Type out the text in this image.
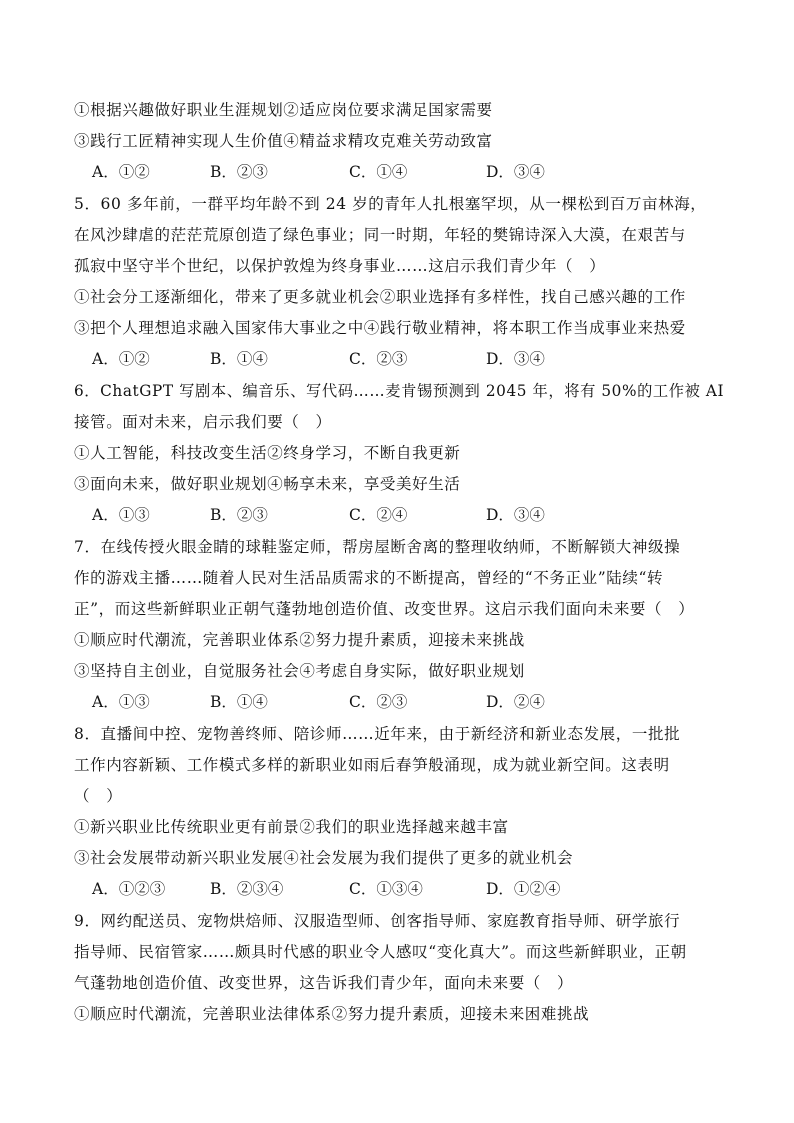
①根据兴趣做好职业生涯规划②适应岗位要求满足国家需要
③践行工匠精神实现人生价值④精益求精攻克难关劳动致富
A．①②	B．②③	C．①④	D．③④
5．60 多年前，一群平均年龄不到 24 岁的青年人扎根塞罕坝，从一棵松到百万亩林海，
在风沙肆虐的茫茫荒原创造了绿色事业；同一时期，年轻的樊锦诗深入大漠，在艰苦与
孤寂中坚守半个世纪，以保护敦煌为终身事业……这启示我们青少年（　）
①社会分工逐渐细化，带来了更多就业机会②职业选择有多样性，找自己感兴趣的工作
③把个人理想追求融入国家伟大事业之中④践行敬业精神，将本职工作当成事业来热爱
A．①②	B．①④	C．②③	D．③④
6．ChatGPT 写剧本、编音乐、写代码……麦肯锡预测到 2045 年，将有 50%的工作被 AI
接管。面对未来，启示我们要（　）
①人工智能，科技改变生活②终身学习，不断自我更新
③面向未来，做好职业规划④畅享未来，享受美好生活
A．①③	B．②③	C．②④	D．③④
7．在线传授火眼金睛的球鞋鉴定师，帮房屋断舍离的整理收纳师，不断解锁大神级操
作的游戏主播……随着人民对生活品质需求的不断提高，曾经的“不务正业”陆续“转
正”，而这些新鲜职业正朝气蓬勃地创造价值、改变世界。这启示我们面向未来要（　）
①顺应时代潮流，完善职业体系②努力提升素质，迎接未来挑战
③坚持自主创业，自觉服务社会④考虑自身实际，做好职业规划
A．①③	B．①④	C．②③	D．②④
8．直播间中控、宠物善终师、陪诊师……近年来，由于新经济和新业态发展，一批批
工作内容新颖、工作模式多样的新职业如雨后春笋般涌现，成为就业新空间。这表明
（　）
①新兴职业比传统职业更有前景②我们的职业选择越来越丰富
③社会发展带动新兴职业发展④社会发展为我们提供了更多的就业机会
A．①②③	B．②③④	C．①③④	D．①②④
9．网约配送员、宠物烘焙师、汉服造型师、创客指导师、家庭教育指导师、研学旅行
指导师、民宿管家……颇具时代感的职业令人感叹“变化真大”。而这些新鲜职业，正朝
气蓬勃地创造价值、改变世界，这告诉我们青少年，面向未来要（　）
①顺应时代潮流，完善职业法律体系②努力提升素质，迎接未来困难挑战
